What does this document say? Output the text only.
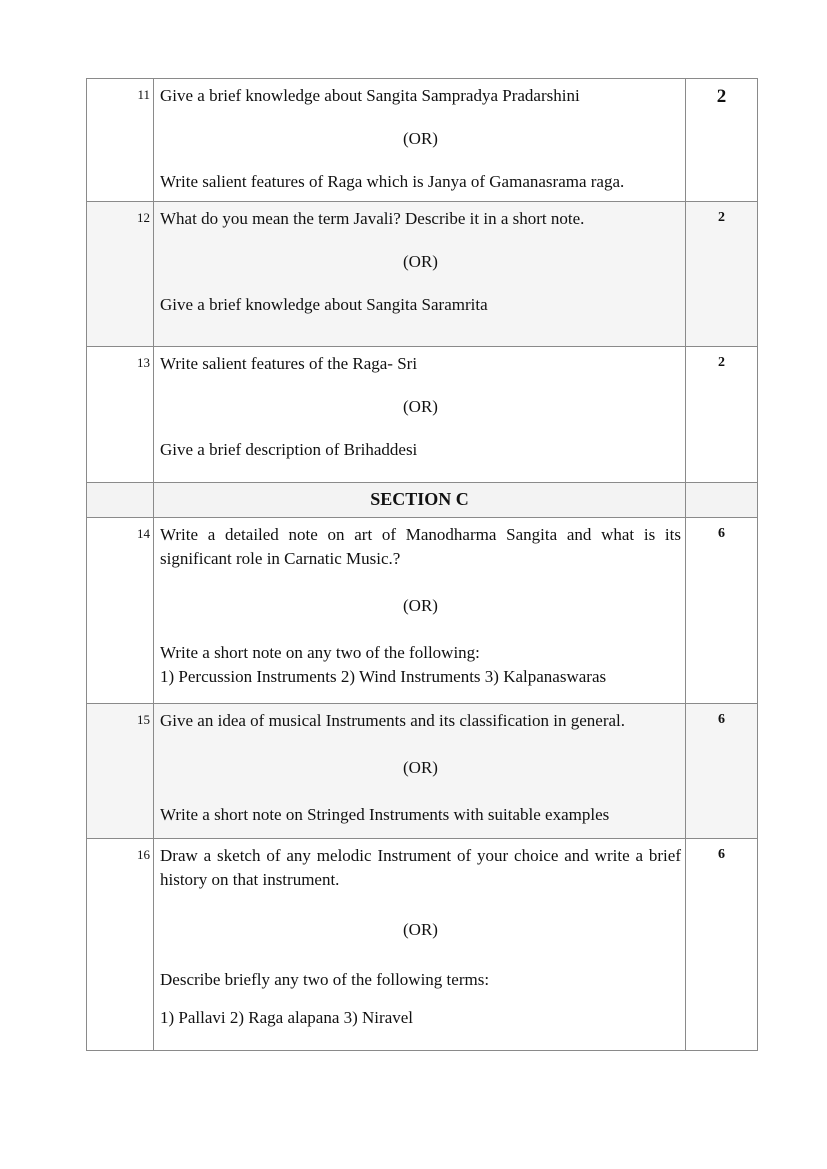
11	Give a brief knowledge about Sangita Sampradya Pradarshini

(OR)

Write salient features of Raga which is Janya of Gamanasrama raga.	2

12	What do you mean the term Javali? Describe it in a short note.

(OR)

Give a brief knowledge about Sangita Saramrita	2

13	Write salient features of the Raga- Sri

(OR)

Give a brief description of Brihaddesi	2

	SECTION C	

14	Write a detailed note on art of Manodharma Sangita and what is its significant role in Carnatic Music.?

(OR)

Write a short note on any two of the following:

1) Percussion Instruments 2) Wind Instruments 3) Kalpanaswaras	6

15	Give an idea of musical Instruments and its classification in general.

(OR)

Write a short note on Stringed Instruments with suitable examples	6

16	Draw a sketch of any melodic Instrument of your choice and write a brief history on that instrument.

(OR)

Describe briefly any two of the following terms:

1) Pallavi 2) Raga alapana 3) Niravel	6
